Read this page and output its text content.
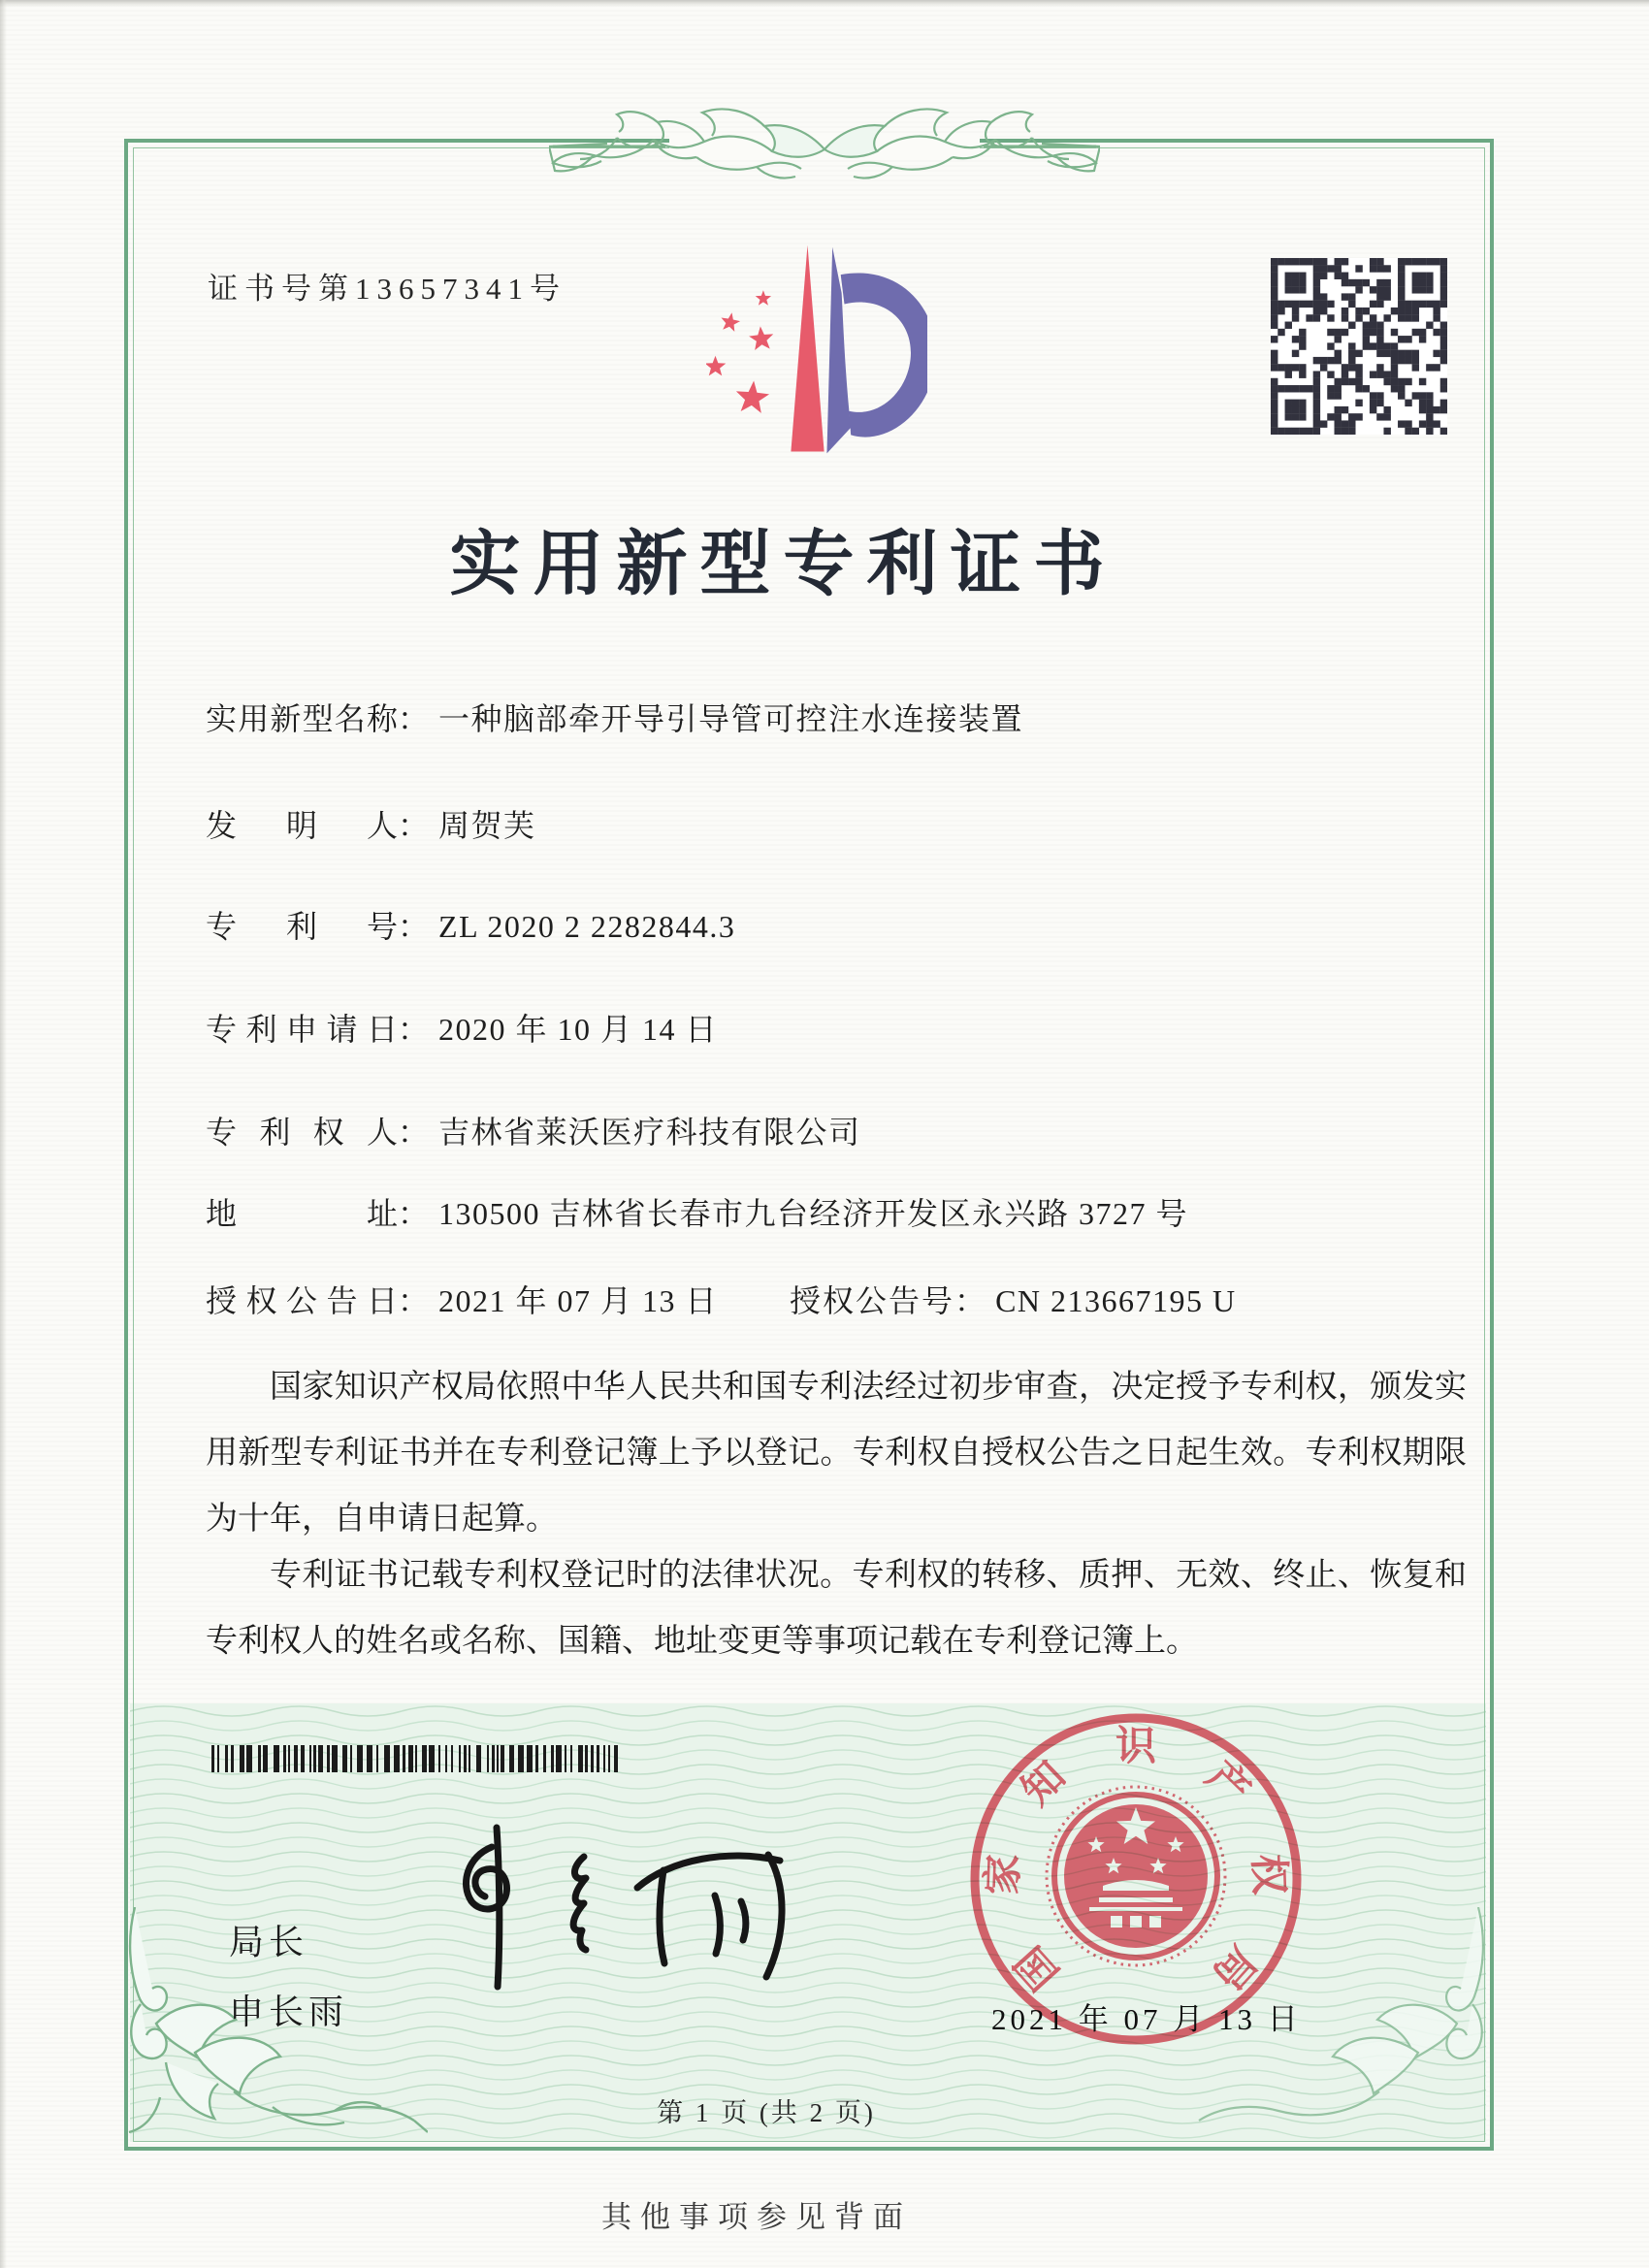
证书号第13657341号
实用新型专利证书
实用新型名称： 一种脑部牵开导引导管可控注水连接装置
发明人： 周贺芙
专利号： ZL 2020 2 2282844.3
专利申请日： 2020 年 10 月 14 日
专利权人： 吉林省莱沃医疗科技有限公司
地址： 130500 吉林省长春市九台经济开发区永兴路 3727 号
授权公告日： 2021 年 07 月 13 日 授权公告号： CN 213667195 U

国家知识产权局依照中华人民共和国专利法经过初步审查，决定授予专利权，颁发实用新型专利证书并在专利登记簿上予以登记。专利权自授权公告之日起生效。专利权期限为十年，自申请日起算。

专利证书记载专利权登记时的法律状况。专利权的转移、质押、无效、终止、恢复和专利权人的姓名或名称、国籍、地址变更等事项记载在专利登记簿上。

局长
申长雨
国
家
知
识
产
权
局
2021 年 07 月 13 日
第 1 页 (共 2 页)
其他事项参见背面
